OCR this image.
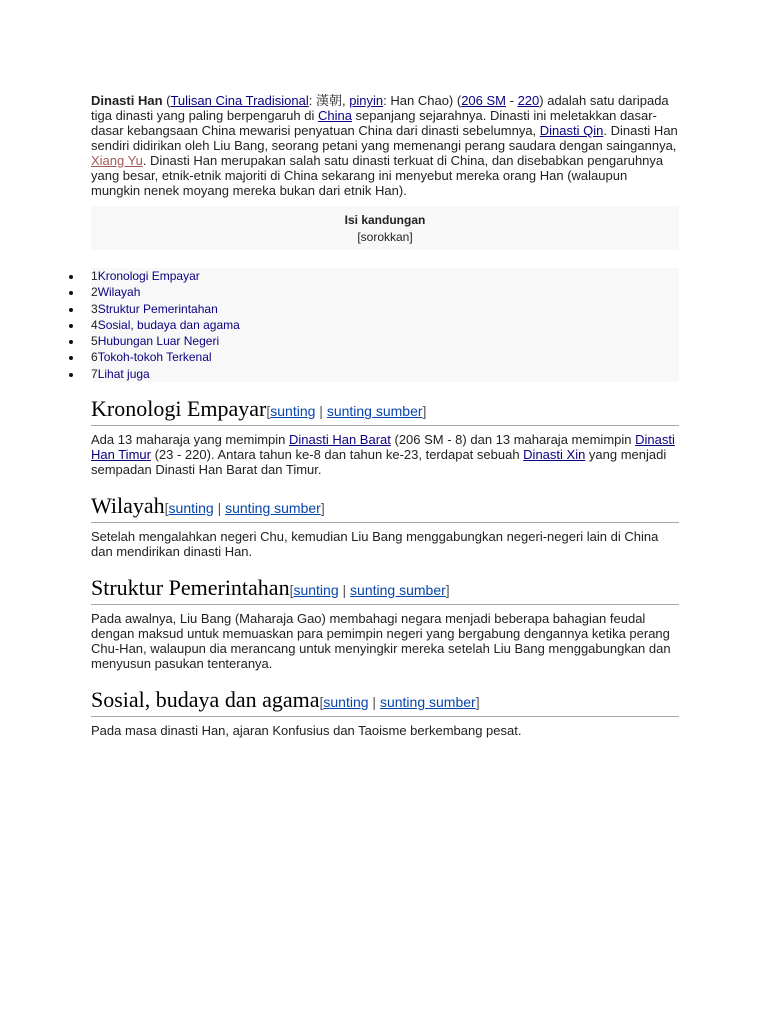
Dinasti Han (Tulisan Cina Tradisional: 漢朝, pinyin: Han Chao) (206 SM - 220) adalah satu daripada tiga dinasti yang paling berpengaruh di China sepanjang sejarahnya. Dinasti ini meletakkan dasar-dasar kebangsaan China mewarisi penyatuan China dari dinasti sebelumnya, Dinasti Qin. Dinasti Han sendiri didirikan oleh Liu Bang, seorang petani yang memenangi perang saudara dengan saingannya, Xiang Yu. Dinasti Han merupakan salah satu dinasti terkuat di China, dan disebabkan pengaruhnya yang besar, etnik-etnik majoriti di China sekarang ini menyebut mereka orang Han (walaupun mungkin nenek moyang mereka bukan dari etnik Han).

Isi kandungan
[sorokkan]
1Kronologi Empayar
2Wilayah
3Struktur Pemerintahan
4Sosial, budaya dan agama
5Hubungan Luar Negeri
6Tokoh-tokoh Terkenal
7Lihat juga
Kronologi Empayar[sunting | sunting sumber]

Ada 13 maharaja yang memimpin Dinasti Han Barat (206 SM - 8) dan 13 maharaja memimpin Dinasti Han Timur (23 - 220). Antara tahun ke-8 dan tahun ke-23, terdapat sebuah Dinasti Xin yang menjadi sempadan Dinasti Han Barat dan Timur.

Wilayah[sunting | sunting sumber]

Setelah mengalahkan negeri Chu, kemudian Liu Bang menggabungkan negeri-negeri lain di China dan mendirikan dinasti Han.

Struktur Pemerintahan[sunting | sunting sumber]

Pada awalnya, Liu Bang (Maharaja Gao) membahagi negara menjadi beberapa bahagian feudal dengan maksud untuk memuaskan para pemimpin negeri yang bergabung dengannya ketika perang Chu-Han, walaupun dia merancang untuk menyingkir mereka setelah Liu Bang menggabungkan dan menyusun pasukan tenteranya.

Sosial, budaya dan agama[sunting | sunting sumber]

Pada masa dinasti Han, ajaran Konfusius dan Taoisme berkembang pesat.
